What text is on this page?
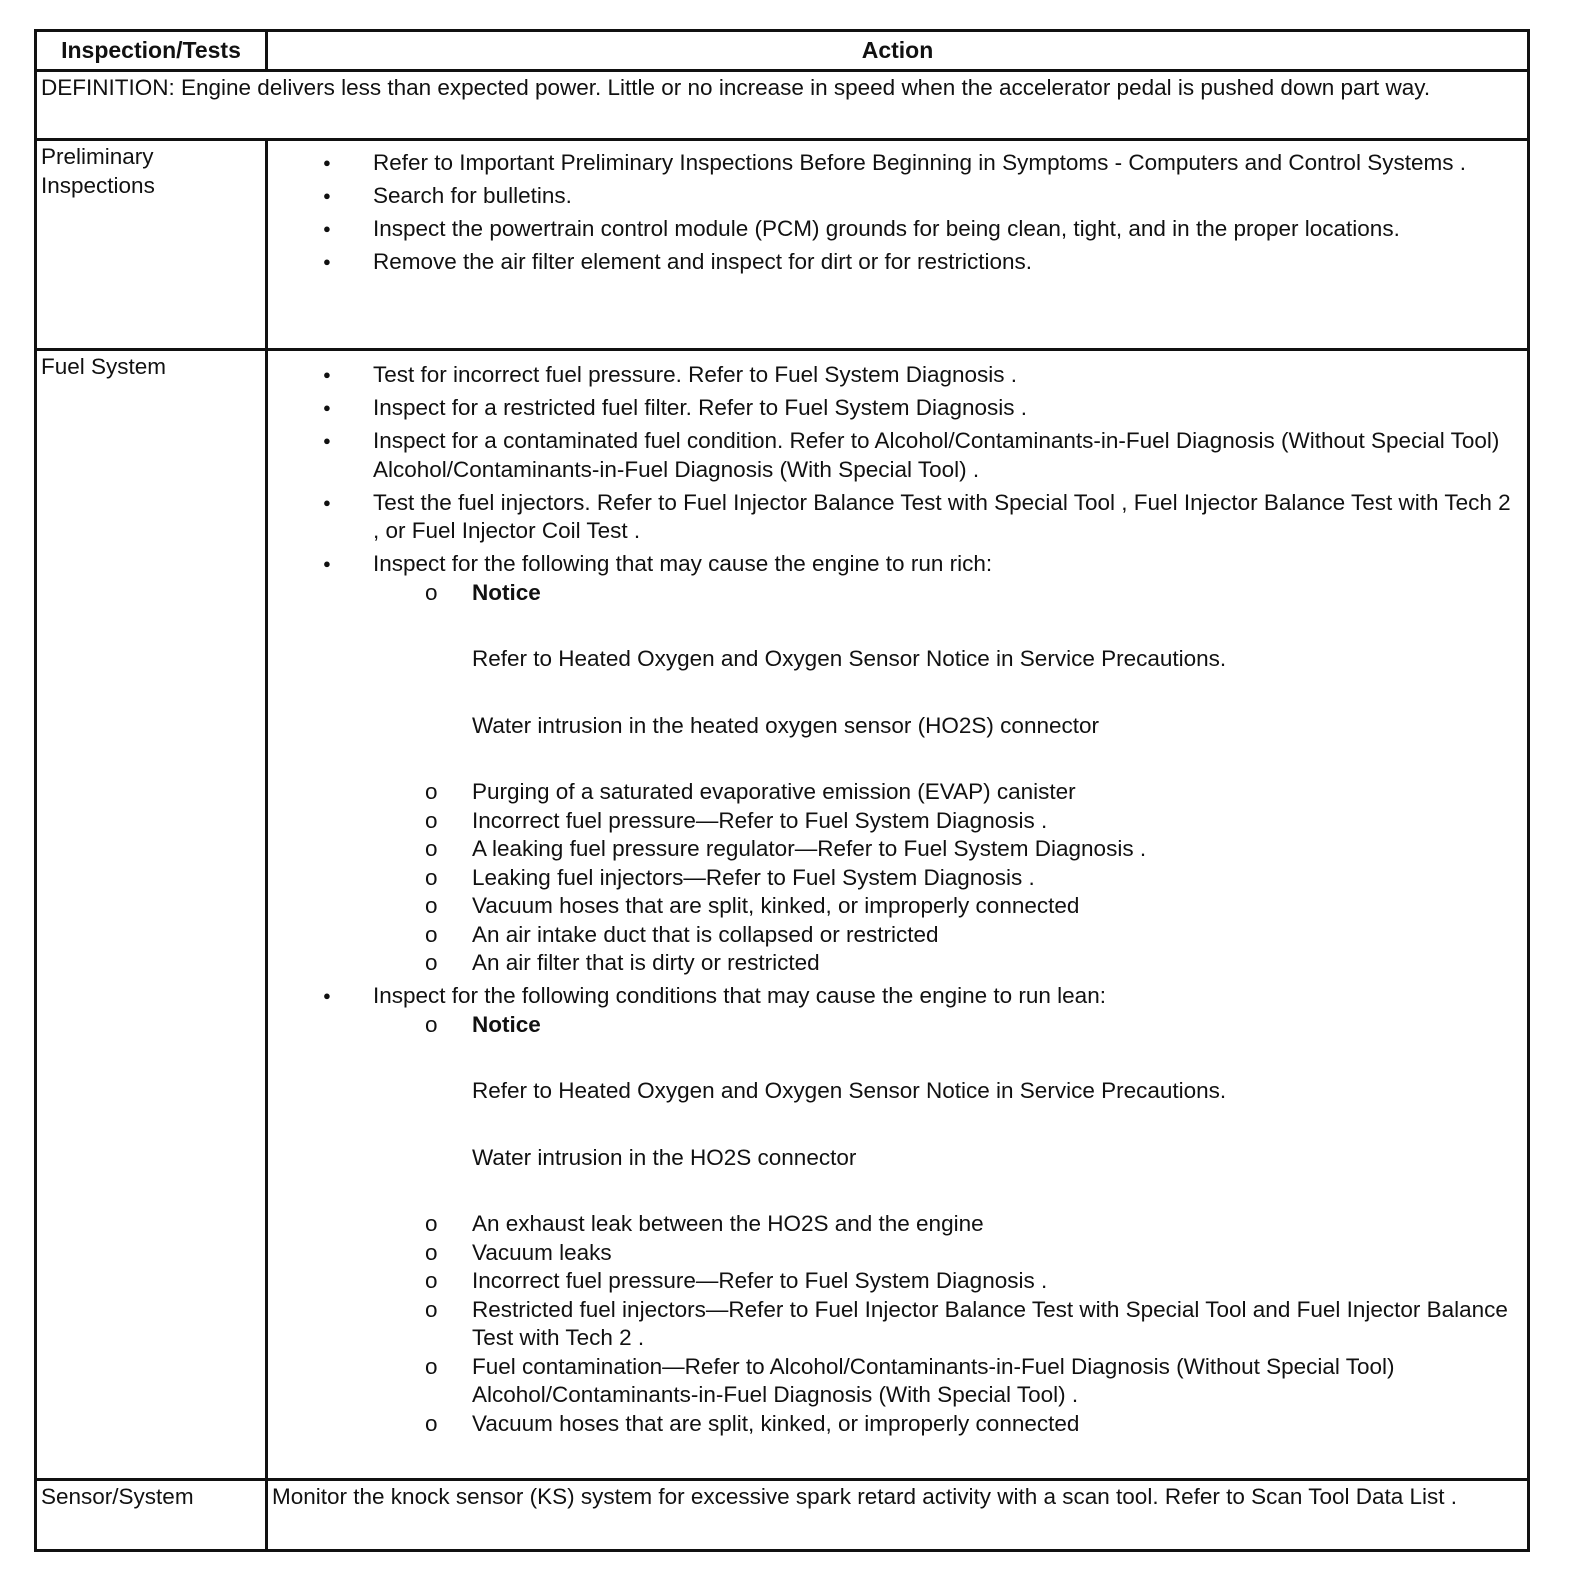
Inspection/Tests	Action
DEFINITION: Engine delivers less than expected power. Little or no increase in speed when the accelerator pedal is pushed down part way.
Preliminary Inspections
● Refer to Important Preliminary Inspections Before Beginning in Symptoms - Computers and Control Systems .
● Search for bulletins.
● Inspect the powertrain control module (PCM) grounds for being clean, tight, and in the proper locations.
● Remove the air filter element and inspect for dirt or for restrictions.
Fuel System
●	Test for incorrect fuel pressure. Refer to Fuel System Diagnosis .
● Inspect for a restricted fuel filter. Refer to Fuel System Diagnosis .
● Inspect for a contaminated fuel condition. Refer to Alcohol/Contaminants-in-Fuel Diagnosis (Without Special Tool) Alcohol/Contaminants-in-Fuel Diagnosis (With Special Tool) .
● Test the fuel injectors. Refer to Fuel Injector Balance Test with Special Tool , Fuel Injector Balance Test with Tech 2 , or Fuel Injector Coil Test .
● Inspect for the following that may cause the engine to run rich:
o Notice
Refer to Heated Oxygen and Oxygen Sensor Notice in Service Precautions.
Water intrusion in the heated oxygen sensor (HO2S) connector
o Purging of a saturated evaporative emission (EVAP) canister
o Incorrect fuel pressure—Refer to Fuel System Diagnosis .
o A leaking fuel pressure regulator—Refer to Fuel System Diagnosis .
o Leaking fuel injectors—Refer to Fuel System Diagnosis .
o Vacuum hoses that are split, kinked, or improperly connected
o An air intake duct that is collapsed or restricted
o An air filter that is dirty or restricted
● Inspect for the following conditions that may cause the engine to run lean:
o Notice
Refer to Heated Oxygen and Oxygen Sensor Notice in Service Precautions.
Water intrusion in the HO2S connector
o An exhaust leak between the HO2S and the engine
o Vacuum leaks
o Incorrect fuel pressure—Refer to Fuel System Diagnosis .
o Restricted fuel injectors—Refer to Fuel Injector Balance Test with Special Tool and Fuel Injector Balance Test with Tech 2 .
o Fuel contamination—Refer to Alcohol/Contaminants-in-Fuel Diagnosis (Without Special Tool) Alcohol/Contaminants-in-Fuel Diagnosis (With Special Tool) .
o Vacuum hoses that are split, kinked, or improperly connected
Sensor/System	Monitor the knock sensor (KS) system for excessive spark retard activity with a scan tool. Refer to Scan Tool Data List .
